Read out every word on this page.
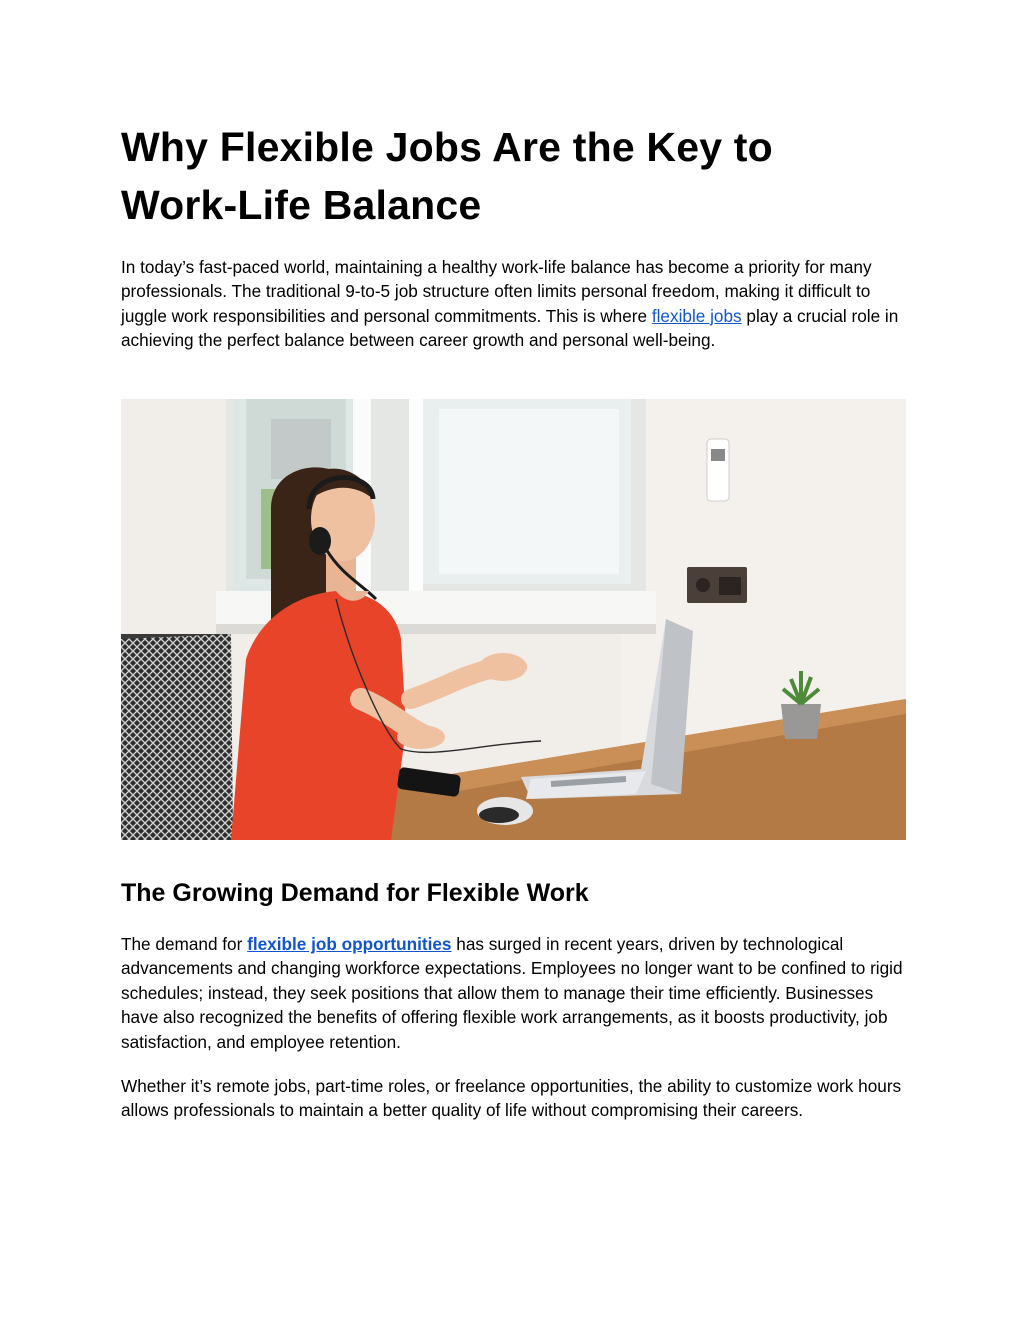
Why Flexible Jobs Are the Key to
Work-Life Balance

In today’s fast-paced world, maintaining a healthy work-life balance has become a priority for many professionals. The traditional 9-to-5 job structure often limits personal freedom, making it difficult to juggle work responsibilities and personal commitments. This is where flexible jobs play a crucial role in achieving the perfect balance between career growth and personal well-being.

The Growing Demand for Flexible Work

The demand for flexible job opportunities has surged in recent years, driven by technological advancements and changing workforce expectations. Employees no longer want to be confined to rigid schedules; instead, they seek positions that allow them to manage their time efficiently. Businesses have also recognized the benefits of offering flexible work arrangements, as it boosts productivity, job satisfaction, and employee retention.

Whether it’s remote jobs, part-time roles, or freelance opportunities, the ability to customize work hours allows professionals to maintain a better quality of life without compromising their careers.
